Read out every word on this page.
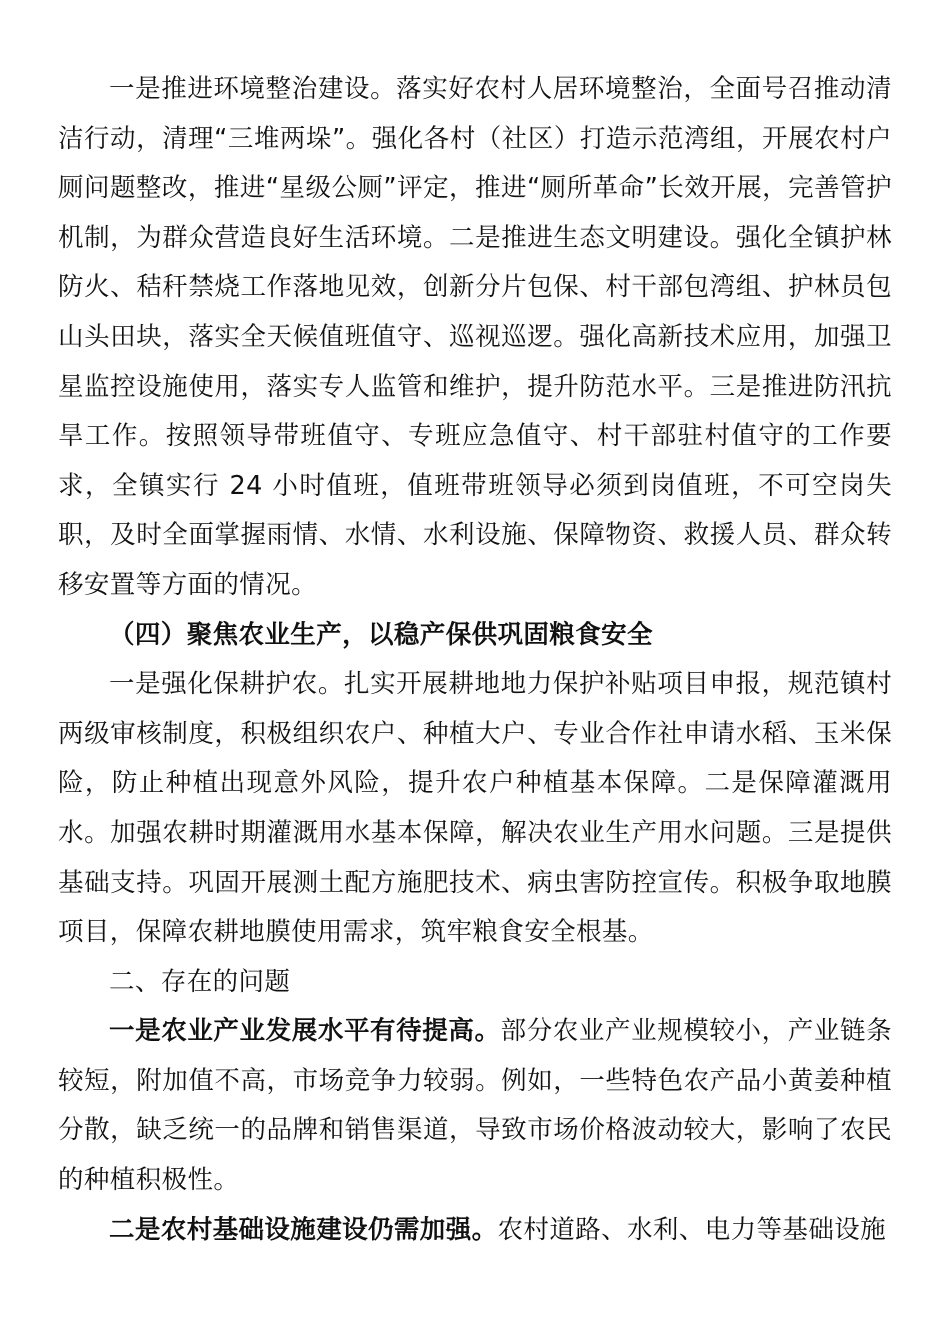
一是推进环境整治建设。落实好农村人居环境整治，全面号召推动清洁行动，清理“三堆两垛”。强化各村（社区）打造示范湾组，开展农村户厕问题整改，推进“星级公厕”评定，推进“厕所革命”长效开展，完善管护机制，为群众营造良好生活环境。二是推进生态文明建设。强化全镇护林防火、秸秆禁烧工作落地见效，创新分片包保、村干部包湾组、护林员包山头田块，落实全天候值班值守、巡视巡逻。强化高新技术应用，加强卫星监控设施使用，落实专人监管和维护，提升防范水平。三是推进防汛抗旱工作。按照领导带班值守、专班应急值守、村干部驻村值守的工作要求，全镇实行 24 小时值班，值班带班领导必须到岗值班，不可空岗失职，及时全面掌握雨情、水情、水利设施、保障物资、救援人员、群众转移安置等方面的情况。

（四）聚焦农业生产，以稳产保供巩固粮食安全

一是强化保耕护农。扎实开展耕地地力保护补贴项目申报，规范镇村两级审核制度，积极组织农户、种植大户、专业合作社申请水稻、玉米保险，防止种植出现意外风险，提升农户种植基本保障。二是保障灌溉用水。加强农耕时期灌溉用水基本保障，解决农业生产用水问题。三是提供基础支持。巩固开展测土配方施肥技术、病虫害防控宣传。积极争取地膜项目，保障农耕地膜使用需求，筑牢粮食安全根基。

二、存在的问题

一是农业产业发展水平有待提高。部分农业产业规模较小，产业链条较短，附加值不高，市场竞争力较弱。例如，一些特色农产品小黄姜种植分散，缺乏统一的品牌和销售渠道，导致市场价格波动较大，影响了农民的种植积极性。

二是农村基础设施建设仍需加强。农村道路、水利、电力等基础设施
